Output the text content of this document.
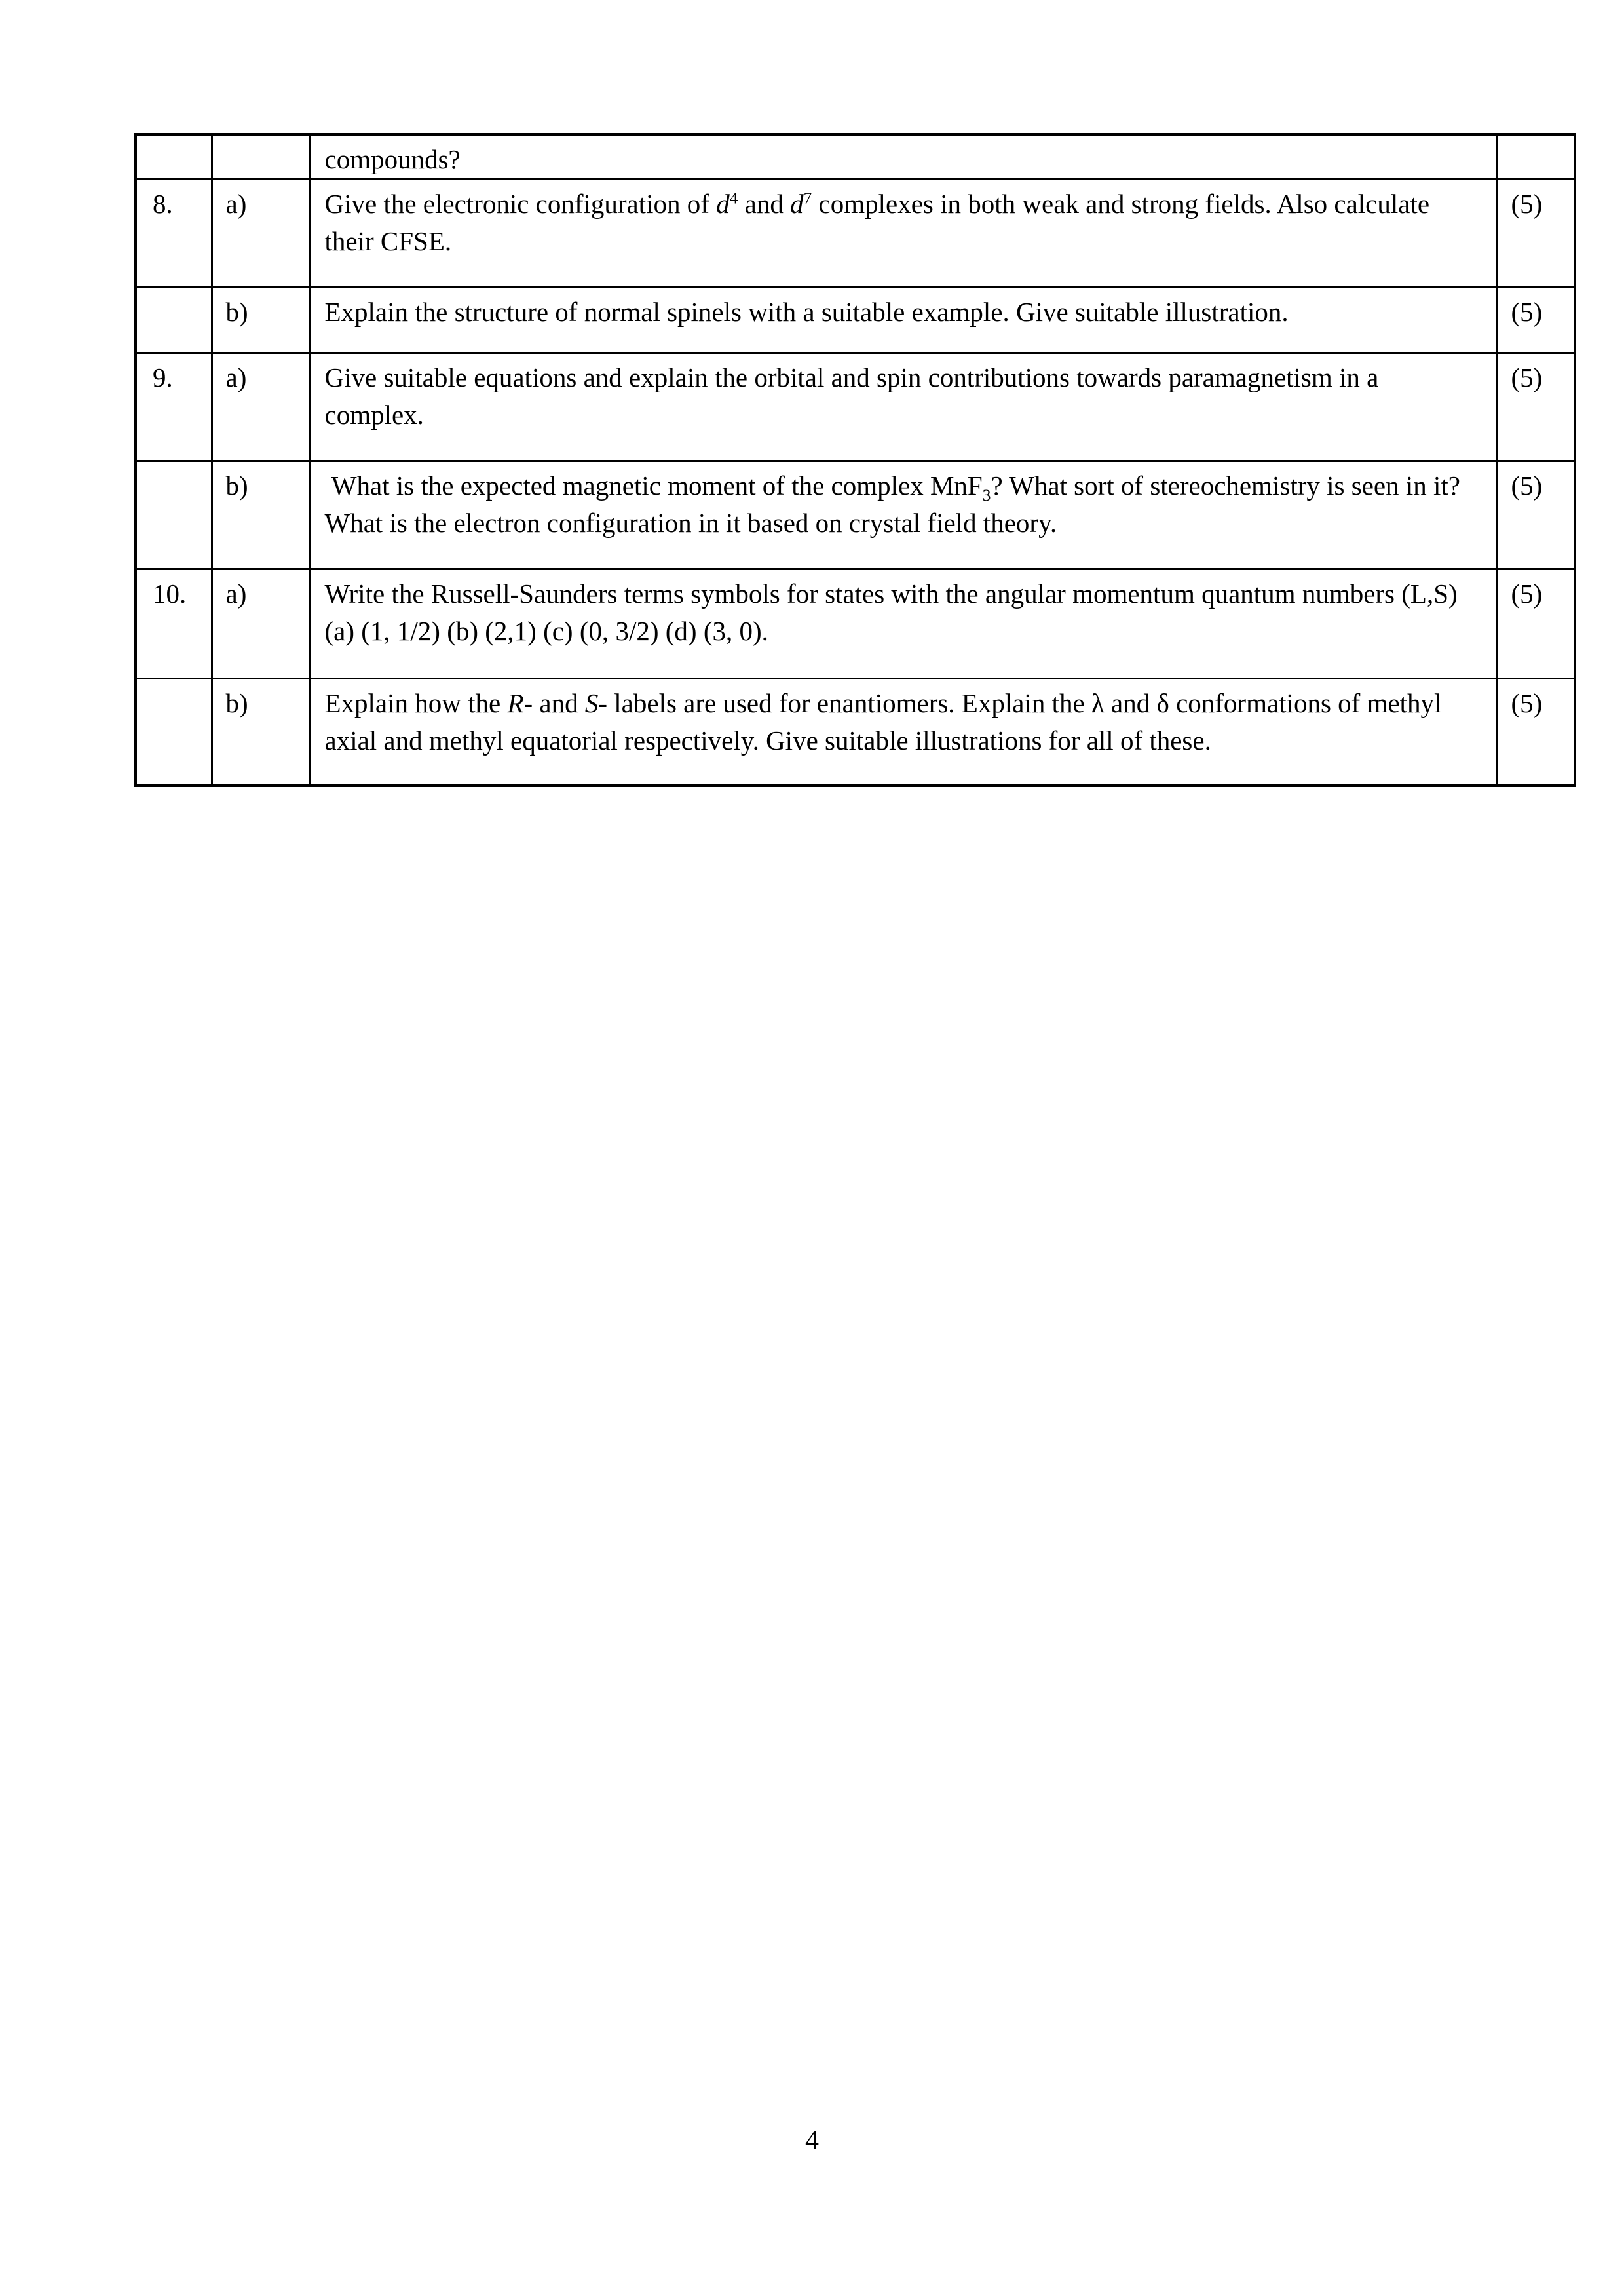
		compounds?	
8.	a)	Give the electronic configuration of $d^4$ and $d^7$ complexes in both weak and strong fields. Also calculate their CFSE.	(5)
	b)	Explain the structure of normal spinels with a suitable example. Give suitable illustration.	(5)
9.	a)	Give suitable equations and explain the orbital and spin contributions towards paramagnetism in a complex.	(5)
	b)	What is the expected magnetic moment of the complex MnF$_3$? What sort of stereochemistry is seen in it? What is the electron configuration in it based on crystal field theory.	(5)
10.	a)	Write the Russell-Saunders terms symbols for states with the angular momentum quantum numbers (L,S) (a) (1, 1/2) (b) (2,1) (c) (0, 3/2) (d) (3, 0).	(5)
	b)	Explain how the R- and S- labels are used for enantiomers. Explain the λ and δ conformations of methyl axial and methyl equatorial respectively. Give suitable illustrations for all of these.	(5)
4
